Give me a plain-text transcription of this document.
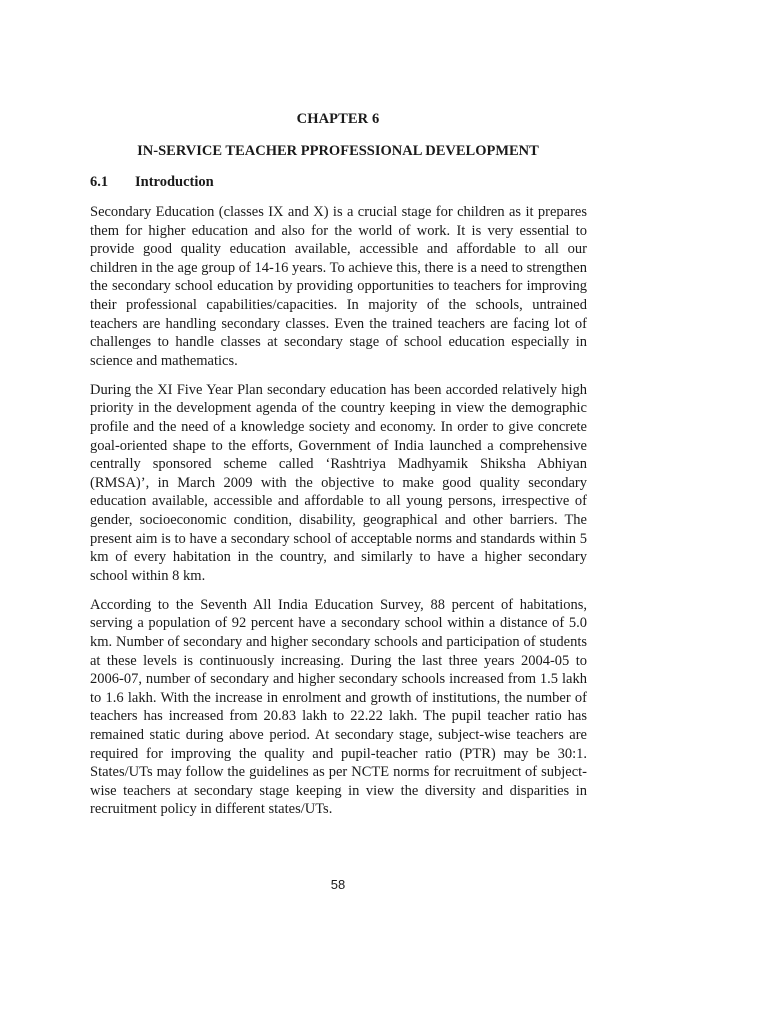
CHAPTER 6
IN-SERVICE TEACHER PPROFESSIONAL DEVELOPMENT
6.1 Introduction

Secondary Education (classes IX and X) is a crucial stage for children as it prepares them for higher education and also for the world of work. It is very essential to provide good quality education available, accessible and affordable to all our children in the age group of 14-16 years. To achieve this, there is a need to strengthen the secondary school education by providing opportunities to teachers for improving their professional capabilities/capacities. In majority of the schools, untrained teachers are handling secondary classes. Even the trained teachers are facing lot of challenges to handle classes at secondary stage of school education especially in science and mathematics.

During the XI Five Year Plan secondary education has been accorded relatively high priority in the development agenda of the country keeping in view the demographic profile and the need of a knowledge society and economy. In order to give concrete goal-oriented shape to the efforts, Government of India launched a comprehensive centrally sponsored scheme called ‘Rashtriya Madhyamik Shiksha Abhiyan (RMSA)’, in March 2009 with the objective to make good quality secondary education available, accessible and affordable to all young persons, irrespective of gender, socioeconomic condition, disability, geographical and other barriers. The present aim is to have a secondary school of acceptable norms and standards within 5 km of every habitation in the country, and similarly to have a higher secondary school within 8 km.

According to the Seventh All India Education Survey, 88 percent of habitations, serving a population of 92 percent have a secondary school within a distance of 5.0 km. Number of secondary and higher secondary schools and participation of students at these levels is continuously increasing. During the last three years 2004-05 to 2006-07, number of secondary and higher secondary schools increased from 1.5 lakh to 1.6 lakh. With the increase in enrolment and growth of institutions, the number of teachers has increased from 20.83 lakh to 22.22 lakh. The pupil teacher ratio has remained static during above period. At secondary stage, subject-wise teachers are required for improving the quality and pupil-teacher ratio (PTR) may be 30:1. States/UTs may follow the guidelines as per NCTE norms for recruitment of subject-wise teachers at secondary stage keeping in view the diversity and disparities in recruitment policy in different states/UTs.

58
